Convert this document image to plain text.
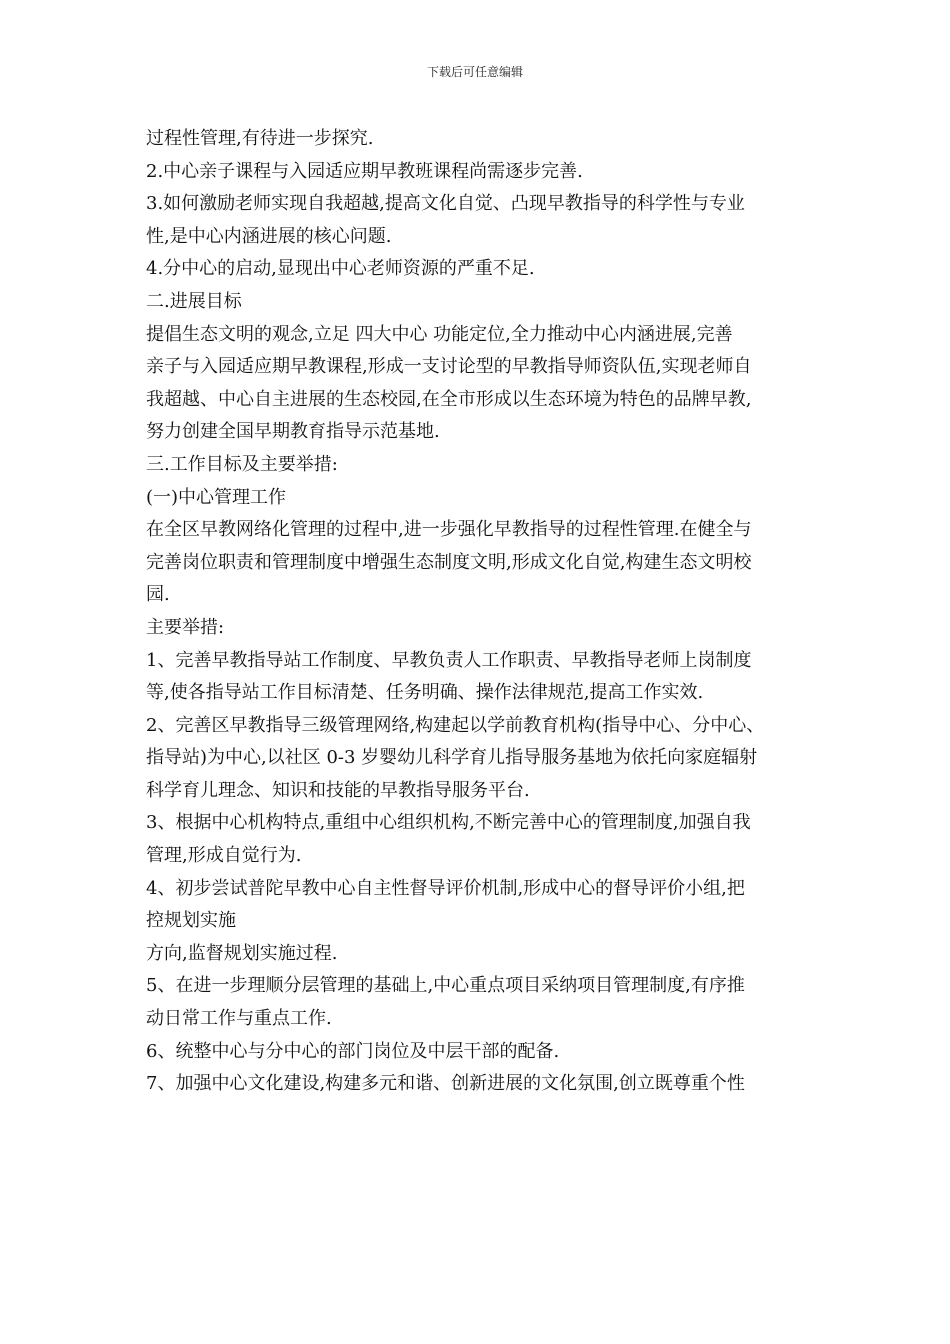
下载后可任意编辑
过程性管理,有待进一步探究.
2.中心亲子课程与入园适应期早教班课程尚需逐步完善.
3.如何激励老师实现自我超越,提高文化自觉、凸现早教指导的科学性与专业
性,是中心内涵进展的核心问题.
4.分中心的启动,显现出中心老师资源的严重不足.
二.进展目标
提倡生态文明的观念,立足 四大中心 功能定位,全力推动中心内涵进展,完善
亲子与入园适应期早教课程,形成一支讨论型的早教指导师资队伍,实现老师自
我超越、中心自主进展的生态校园,在全市形成以生态环境为特色的品牌早教,
努力创建全国早期教育指导示范基地.
三.工作目标及主要举措:
(一)中心管理工作
在全区早教网络化管理的过程中,进一步强化早教指导的过程性管理.在健全与
完善岗位职责和管理制度中增强生态制度文明,形成文化自觉,构建生态文明校
园.
主要举措:
1、完善早教指导站工作制度、早教负责人工作职责、早教指导老师上岗制度
等,使各指导站工作目标清楚、任务明确、操作法律规范,提高工作实效.
2、完善区早教指导三级管理网络,构建起以学前教育机构(指导中心、分中心、
指导站)为中心,以社区 0-3 岁婴幼儿科学育儿指导服务基地为依托向家庭辐射
科学育儿理念、知识和技能的早教指导服务平台.
3、根据中心机构特点,重组中心组织机构,不断完善中心的管理制度,加强自我
管理,形成自觉行为.
4、初步尝试普陀早教中心自主性督导评价机制,形成中心的督导评价小组,把
控规划实施
方向,监督规划实施过程.
5、在进一步理顺分层管理的基础上,中心重点项目采纳项目管理制度,有序推
动日常工作与重点工作.
6、统整中心与分中心的部门岗位及中层干部的配备.
7、加强中心文化建设,构建多元和谐、创新进展的文化氛围,创立既尊重个性
